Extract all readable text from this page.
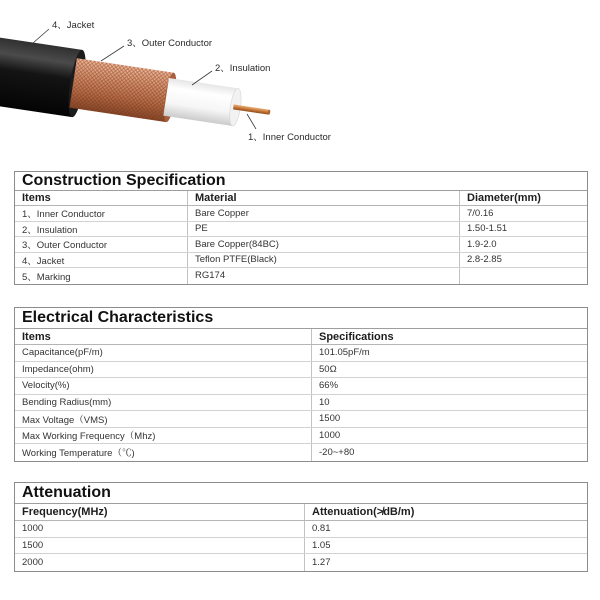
4、Jacket
3、Outer Conductor
2、Insulation
1、Inner Conductor
Construction Specification
Items	Material	Diameter(mm)
1、Inner Conductor	Bare Copper	7/0.16
2、Insulation	PE	1.50-1.51
3、Outer Conductor	Bare Copper(84BC)	1.9-2.0
4、Jacket	Teflon PTFE(Black)	2.8-2.85
5、Marking	RG174
Electrical Characteristics
Items	Specifications
Capacitance(pF/m)	101.05pF/m
Impedance(ohm)	50Ω
Velocity(%)	66%
Bending Radius(mm)	10
Max Voltage（VMS)	1500
Max Working Frequency（Mhz)	1000
Working Temperature（℃)	-20~+80
Attenuation
Frequency(MHz)	Attenuation(≯dB/m)
1000	0.81
1500	1.05
2000	1.27
